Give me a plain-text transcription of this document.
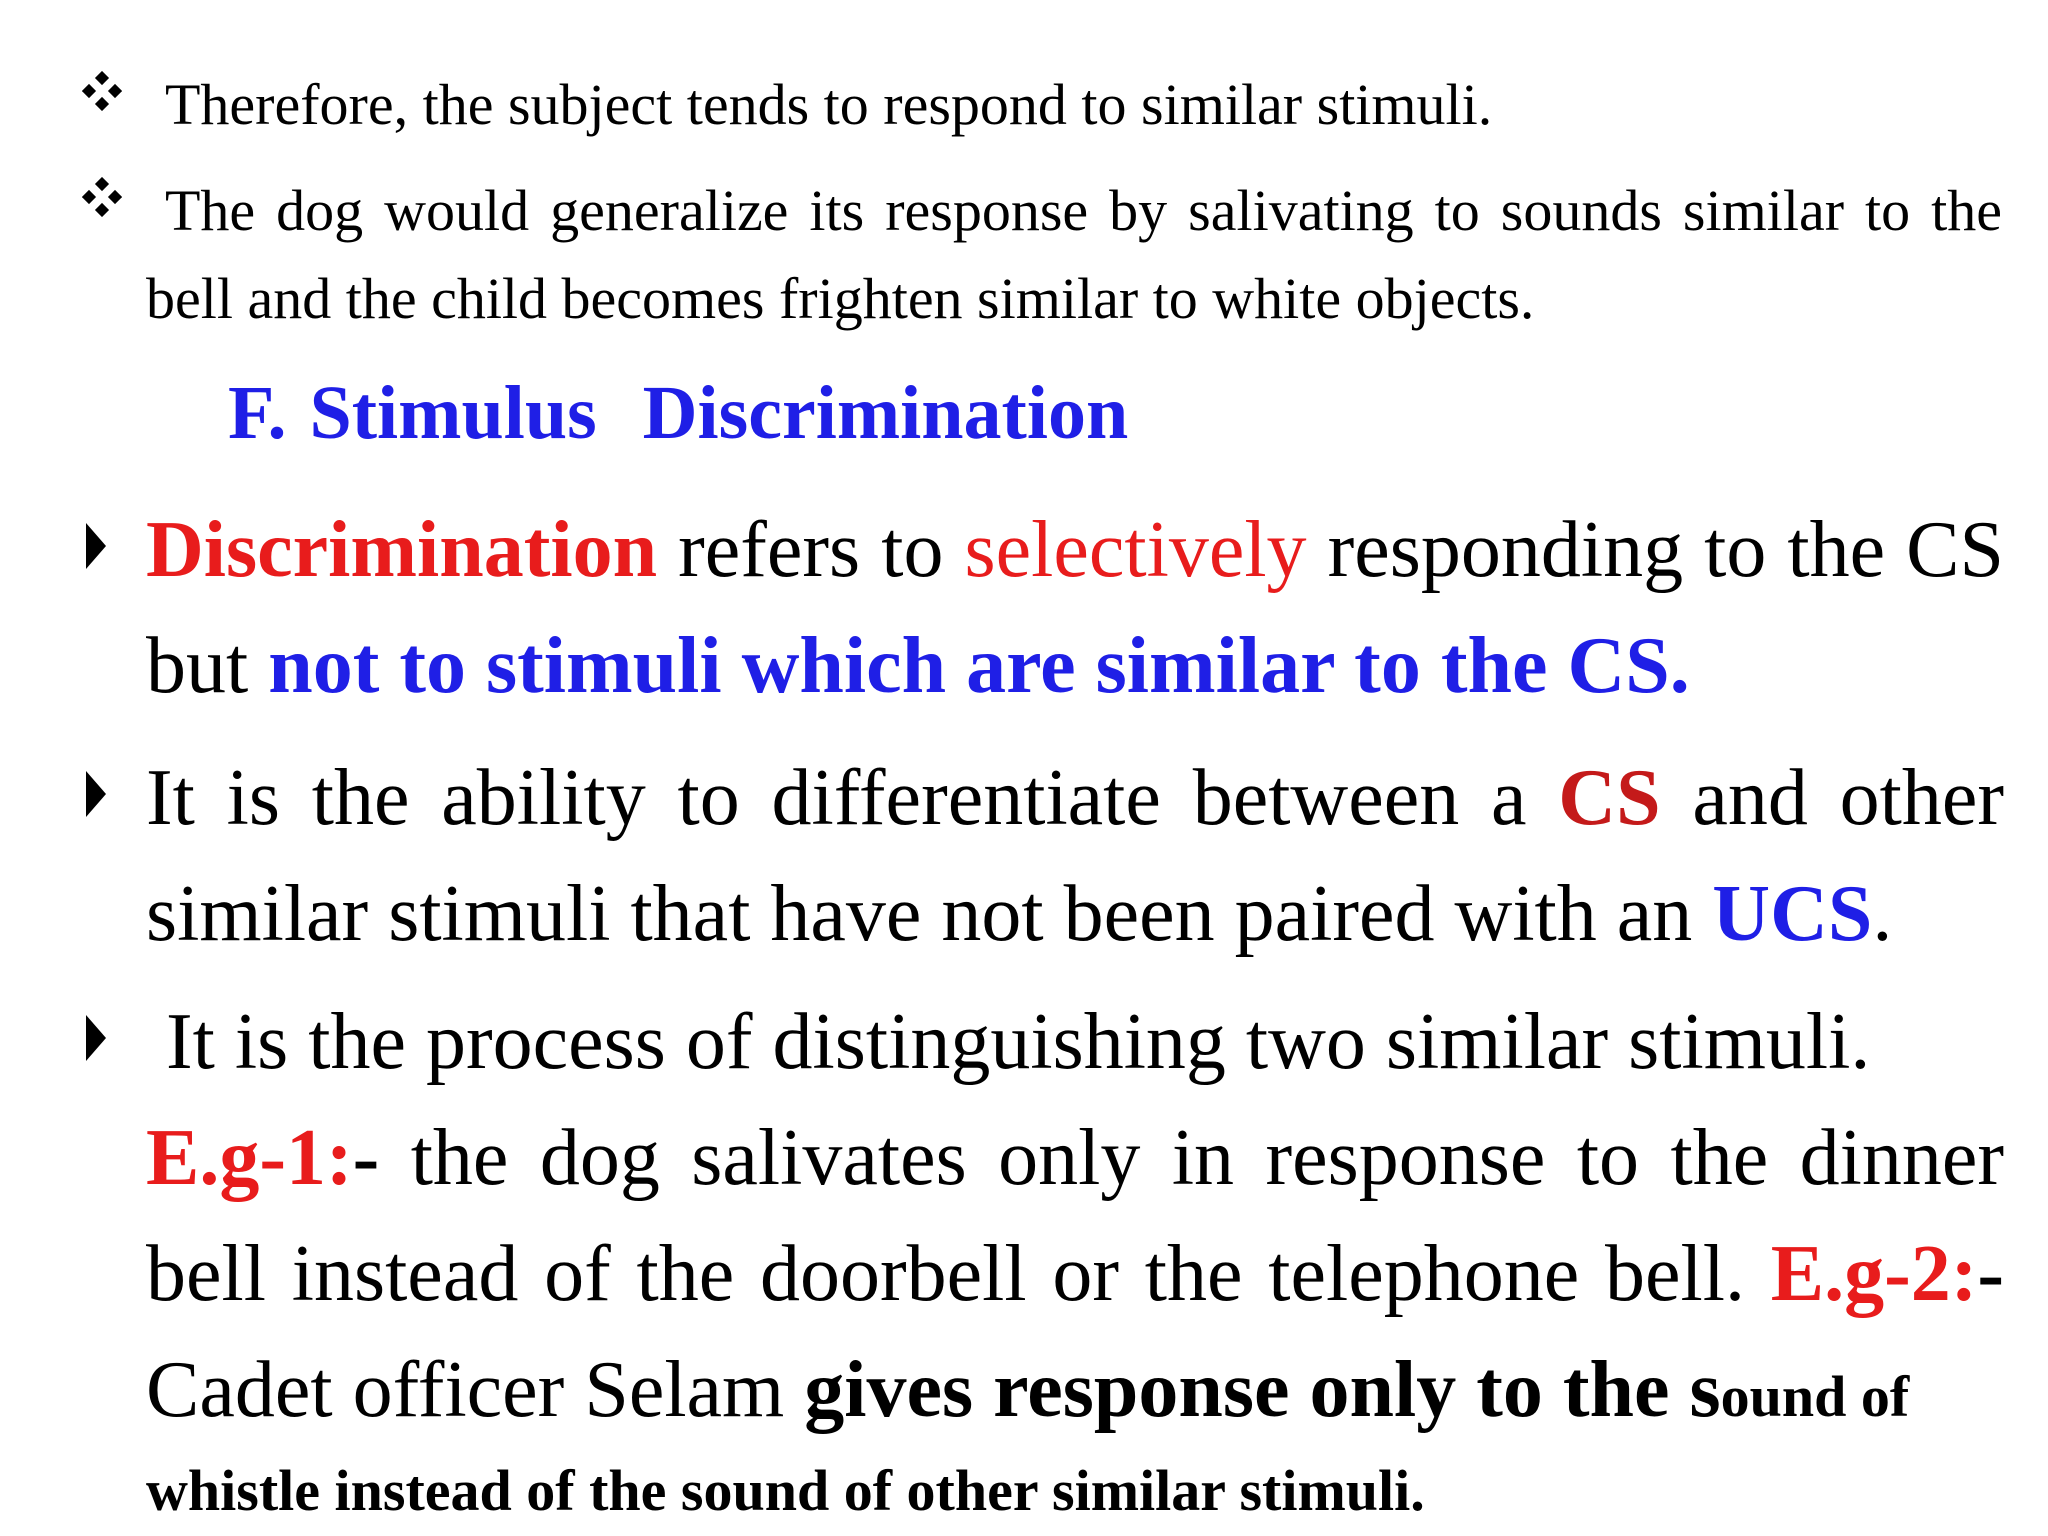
Therefore, the subject tends to respond to similar stimuli.
The dog would generalize its response by salivating to sounds similar to the bell and the child becomes frighten similar to white objects.
F. Stimulus  Discrimination
Discrimination refers to selectively responding to the CS but not to stimuli which are similar to the CS.
It is the ability to differentiate between a CS and other similar stimuli that have not been paired with an UCS.
It is the process of distinguishing two similar stimuli.
E.g-1:- the dog salivates only in response to the dinner bell instead of the doorbell or the telephone bell. E.g-2:- Cadet officer Selam gives response only to the sound of
whistle instead of the sound of other similar stimuli.
